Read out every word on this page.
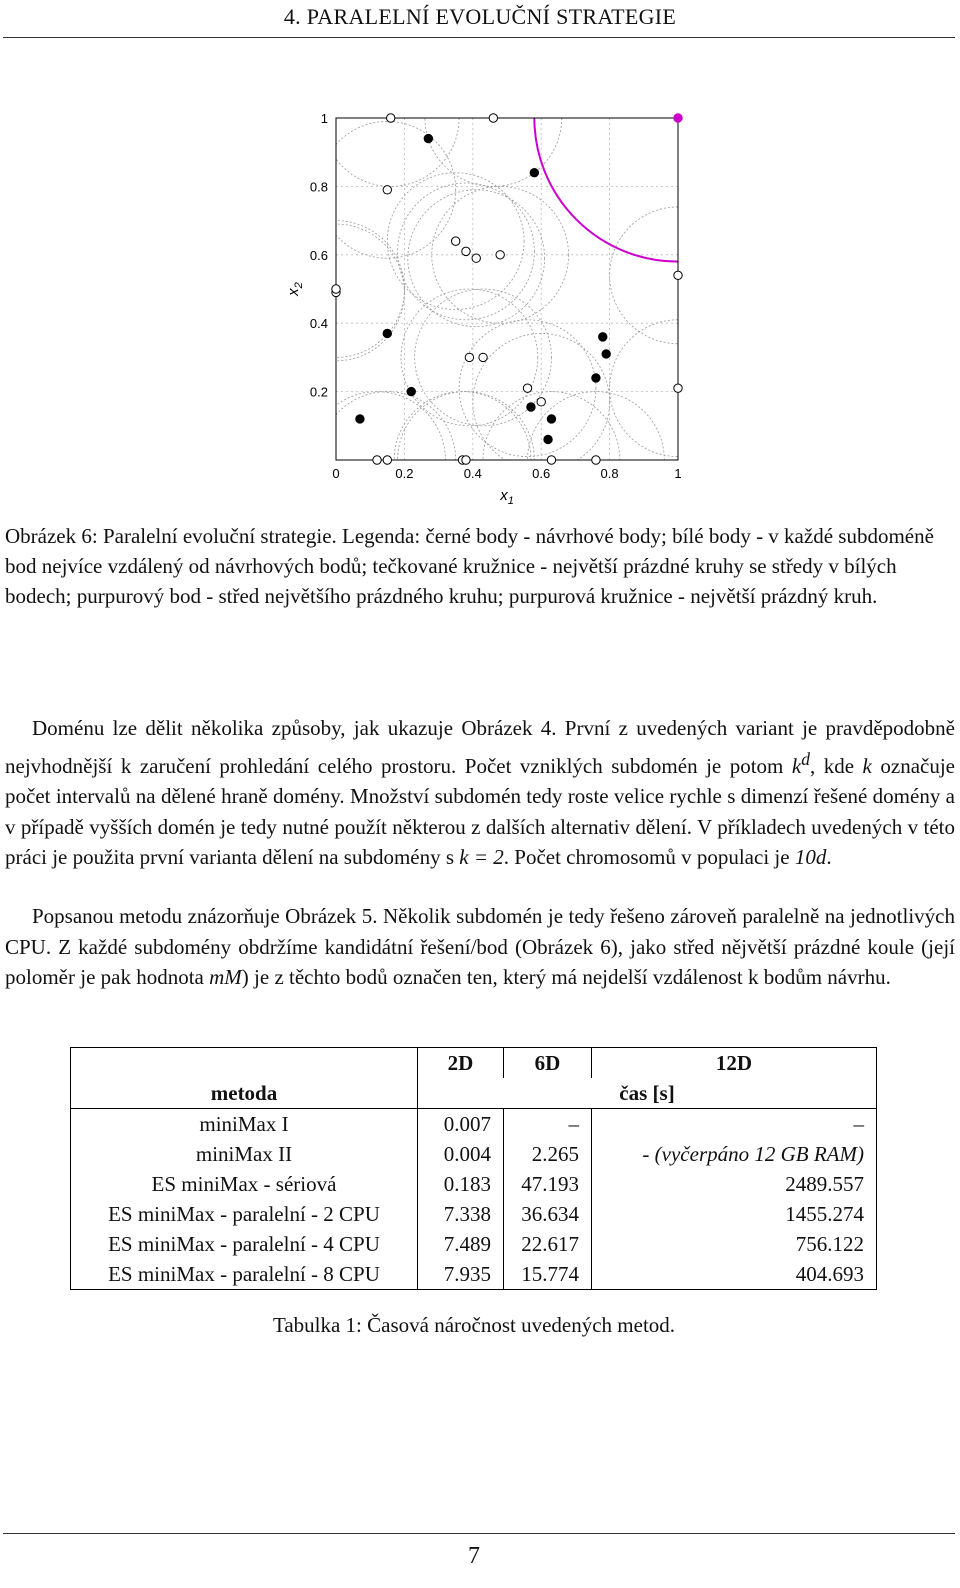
4. PARALELNÍ EVOLUČNÍ STRATEGIE
0	0.2	0.4	0.6	0.8	1
0.2
0.4
0.6
0.8
1
$x_1$
$x_2$
Obrázek 6: Paralelní evoluční strategie. Legenda: černé body - návrhové body; bílé body - v každé subdoméně bod nejvíce vzdálený od návrhových bodů; tečkované kružnice - největší prázdné kruhy se středy v bílých bodech; purpurový bod - střed největšího prázdného kruhu; purpurová kružnice - největší prázdný kruh.

Doménu lze dělit několika způsoby, jak ukazuje Obrázek 4. První z uvedených variant je pravděpodobně nejvhodnější k zaručení prohledání celého prostoru. Počet vzniklých subdomén je potom $k^d$, kde k označuje počet intervalů na dělené hraně domény. Množství subdomén tedy roste velice rychle s dimenzí řešené domény a v případě vyšších domén je tedy nutné použít některou z dalších alternativ dělení. V příkladech uvedených v této práci je použita první varianta dělení na subdomény s k = 2. Počet chromosomů v populaci je 10d.

Popsanou metodu znázorňuje Obrázek 5. Několik subdomén je tedy řešeno zároveň paralelně na jednotlivých CPU. Z každé subdomény obdržíme kandidátní řešení/bod (Obrázek 6), jako střed nějvětší prázdné koule (její poloměr je pak hodnota mM) je z těchto bodů označen ten, který má nejdelší vzdálenost k bodům návrhu.

	2D	6D	12D
metoda	čas [s]		
miniMax I	0.007	–	–
miniMax II	0.004	2.265	- (vyčerpáno 12 GB RAM)
ES miniMax - sériová	0.183	47.193	2489.557
ES miniMax - paralelní - 2 CPU	7.338	36.634	1455.274
ES miniMax - paralelní - 4 CPU	7.489	22.617	756.122
ES miniMax - paralelní - 8 CPU	7.935	15.774	404.693
Tabulka 1: Časová náročnost uvedených metod.
7
